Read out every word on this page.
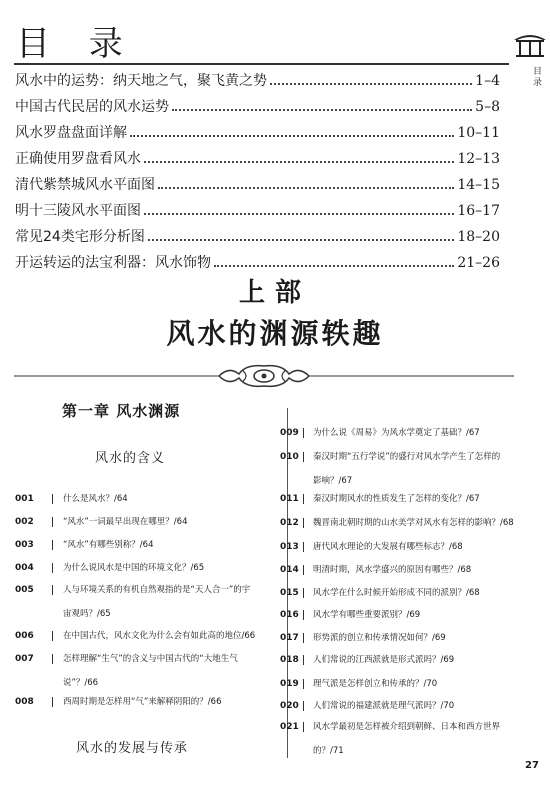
目 录
目录
风水中的运势：纳天地之气，聚飞黄之势	1–4
中国古代民居的风水运势	5–8
风水罗盘盘面详解	10–11
正确使用罗盘看风水	12–13
清代紫禁城风水平面图	14–15
明十三陵风水平面图	16–17
常见24类宅形分析图	18–20
开运转运的法宝利器：风水饰物	21–26
上部
风水的渊源轶趣
第一章 风水渊源
风水的含义
风水的发展与传承
001	什么是风水？/64
002	“风水”一词最早出现在哪里？/64
003	“风水”有哪些别称？/64
004	为什么说风水是中国的环境文化？/65
005	人与环境关系的有机自然观指的是“天人合一”的宇
宙观吗？/65
006	在中国古代，风水文化为什么会有如此高的地位/66
007	怎样理解“生气”的含义与中国古代的“大地生气
说”？/66
008	西周时期是怎样用“气”来解释阴阳的？/66
009 为什么说《周易》为风水学奠定了基础？/67
010 秦汉时期“五行学说”的盛行对风水学产生了怎样的
影响？/67
011 秦汉时期风水的性质发生了怎样的变化？/67
012 魏晋南北朝时期的山水美学对风水有怎样的影响？/68
013 唐代风水理论的大发展有哪些标志？/68
014 明清时期，风水学盛兴的原因有哪些？/68
015 风水学在什么时候开始形成不同的派别？/68
016 风水学有哪些重要派别？/69
017 形势派的创立和传承情况如何？/69
018 人们常说的江西派就是形式派吗？/69
019 理气派是怎样创立和传承的？/70
020 人们常说的福建派就是理气派吗？/70
021 风水学最初是怎样被介绍到朝鲜、日本和西方世界
的？/71
27
